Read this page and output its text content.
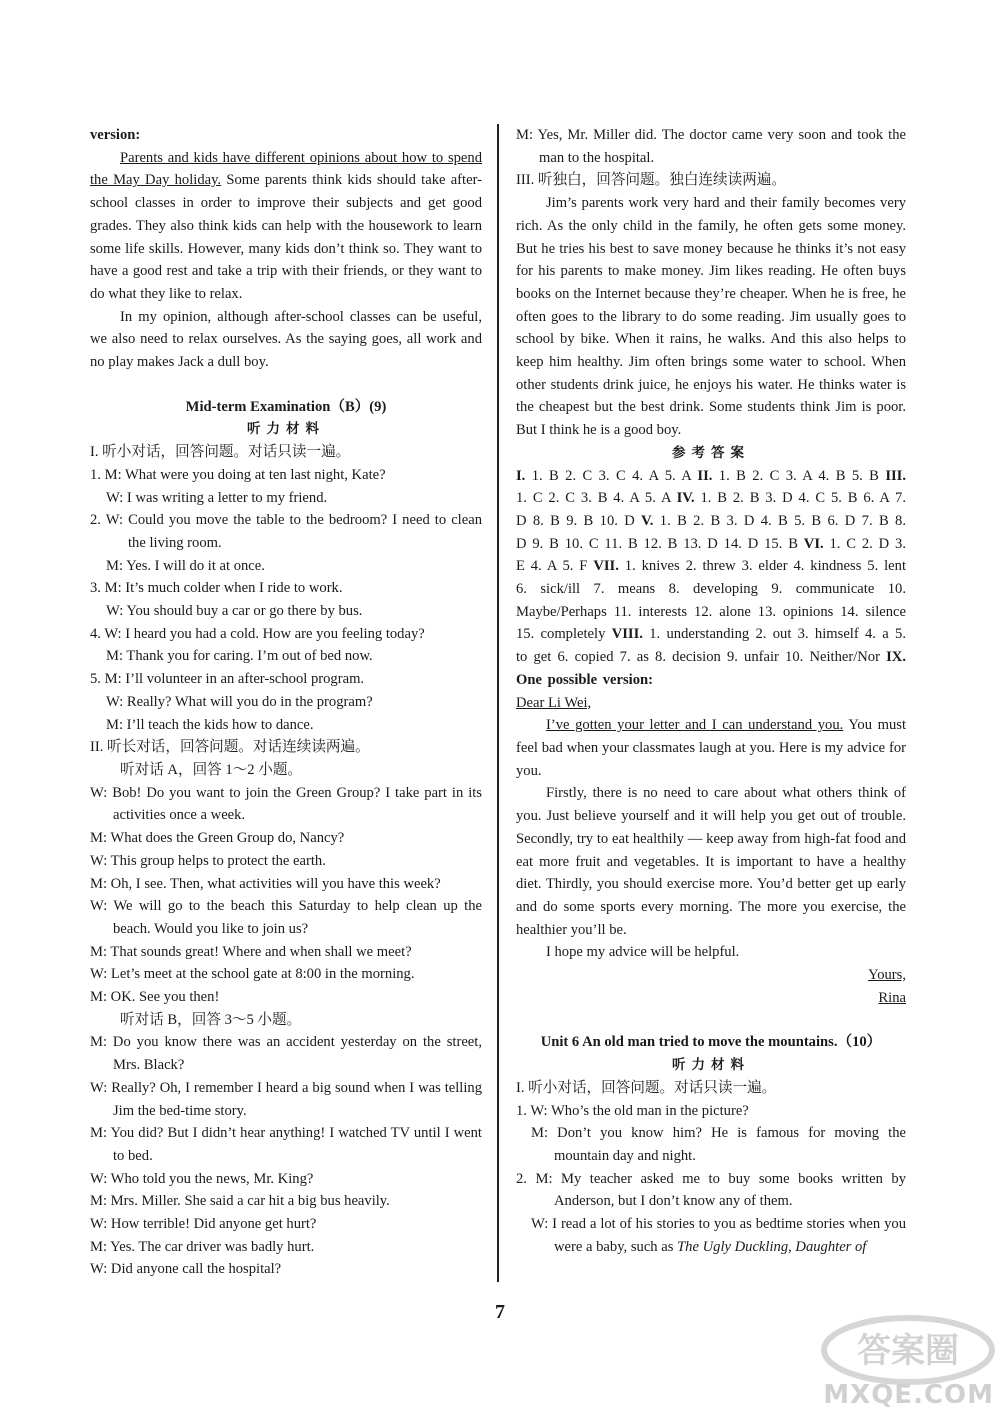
version:

Parents and kids have different opinions about how to spend the May Day holiday. Some parents think kids should take after-school classes in order to improve their subjects and get good grades. They also think kids can help with the housework to learn some life skills. However, many kids don’t think so. They want to have a good rest and take a trip with their friends, or they want to do what they like to relax.

In my opinion, although after-school classes can be useful, we also need to relax ourselves. As the saying goes, all work and no play makes Jack a dull boy.

Mid-term Examination（B）(9)

听力材料

I. 听小对话，回答问题。对话只读一遍。

1. M: What were you doing at ten last night, Kate?

W: I was writing a letter to my friend.

2. W: Could you move the table to the bedroom? I need to clean the living room.

M: Yes. I will do it at once.

3. M: It’s much colder when I ride to work.

W: You should buy a car or go there by bus.

4. W: I heard you had a cold. How are you feeling today?

M: Thank you for caring. I’m out of bed now.

5. M: I’ll volunteer in an after-school program.

W: Really? What will you do in the program?

M: I’ll teach the kids how to dance.

II. 听长对话，回答问题。对话连续读两遍。

听对话 A，回答 1～2 小题。

W: Bob! Do you want to join the Green Group? I take part in its activities once a week.

M: What does the Green Group do, Nancy?

W: This group helps to protect the earth.

M: Oh, I see. Then, what activities will you have this week?

W: We will go to the beach this Saturday to help clean up the beach. Would you like to join us?

M: That sounds great! Where and when shall we meet?

W: Let’s meet at the school gate at 8:00 in the morning.

M: OK. See you then!

听对话 B，回答 3～5 小题。

M: Do you know there was an accident yesterday on the street, Mrs. Black?

W: Really? Oh, I remember I heard a big sound when I was telling Jim the bed-time story.

M: You did? But I didn’t hear anything! I watched TV until I went to bed.

W: Who told you the news, Mr. King?

M: Mrs. Miller. She said a car hit a big bus heavily.

W: How terrible! Did anyone get hurt?

M: Yes. The car driver was badly hurt.

W: Did anyone call the hospital?

M: Yes, Mr. Miller did. The doctor came very soon and took the man to the hospital.

III. 听独白，回答问题。独白连续读两遍。

Jim’s parents work very hard and their family becomes very rich. As the only child in the family, he often gets some money. But he tries his best to save money because he thinks it’s not easy for his parents to make money. Jim likes reading. He often buys books on the Internet because they’re cheaper. When he is free, he often goes to the library to do some reading. Jim usually goes to school by bike. When it rains, he walks. And this also helps to keep him healthy. Jim often brings some water to school. When other students drink juice, he enjoys his water. He thinks water is the cheapest but the best drink. Some students think Jim is poor. But I think he is a good boy.

参考答案

I. 1. B 2. C 3. C 4. A 5. A II. 1. B 2. C 3. A 4. B 5. B III. 1. C 2. C 3. B 4. A 5. A IV. 1. B 2. B 3. D 4. C 5. B 6. A 7. D 8. B 9. B 10. D V. 1. B 2. B 3. D 4. B 5. B 6. D 7. B 8. D 9. B 10. C 11. B 12. B 13. D 14. D 15. B VI. 1. C 2. D 3. E 4. A 5. F VII. 1. knives 2. threw 3. elder 4. kindness 5. lent 6. sick/ill 7. means 8. developing 9. communicate 10. Maybe/Perhaps 11. interests 12. alone 13. opinions 14. silence 15. completely VIII. 1. understanding 2. out 3. himself 4. a 5. to get 6. copied 7. as 8. decision 9. unfair 10. Neither/Nor IX. One possible version:

Dear Li Wei,

I’ve gotten your letter and I can understand you. You must feel bad when your classmates laugh at you. Here is my advice for you.

Firstly, there is no need to care about what others think of you. Just believe yourself and it will help you get out of trouble. Secondly, try to eat healthily — keep away from high-fat food and eat more fruit and vegetables. It is important to have a healthy diet. Thirdly, you should exercise more. You’d better get up early and do some sports every morning. The more you exercise, the healthier you’ll be.

I hope my advice will be helpful.

Yours,

Rina

Unit 6 An old man tried to move the mountains.（10）

听力材料

I. 听小对话，回答问题。对话只读一遍。

1. W: Who’s the old man in the picture?

M: Don’t you know him? He is famous for moving the mountain day and night.

2. M: My teacher asked me to buy some books written by Anderson, but I don’t know any of them.

W: I read a lot of his stories to you as bedtime stories when you were a baby, such as The Ugly Duckling, Daughter of

7
答案圈
MXQE.COM
